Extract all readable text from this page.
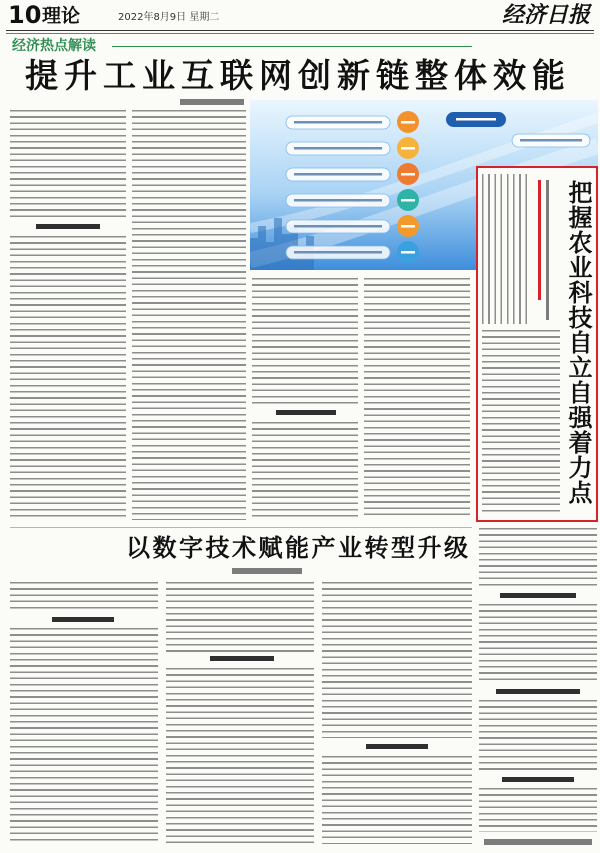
10 理论	2022年8月9日 星期二	经济日报
经济热点解读
提升工业互联网创新链整体效能
把握农业科技自立自强着力点
以数字技术赋能产业转型升级
